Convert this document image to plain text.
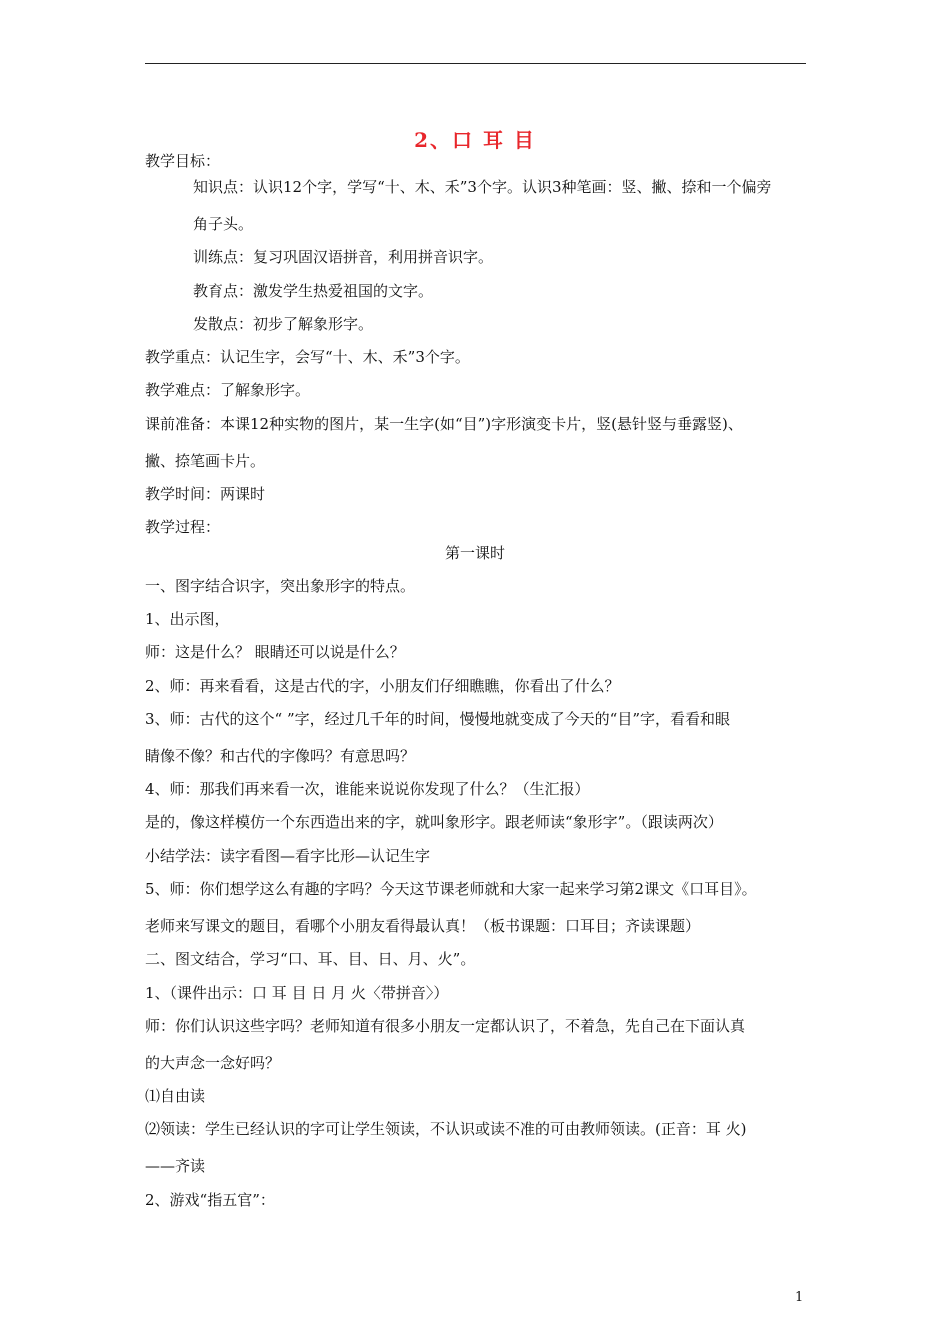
2、口 耳 目
教学目标：
知识点：认识12个字，学写“十、木、禾”3个字。认识3种笔画：竖、撇、捺和一个偏旁
角子头。
训练点：复习巩固汉语拼音，利用拼音识字。
教育点：激发学生热爱祖国的文字。
发散点：初步了解象形字。
教学重点：认记生字，会写“十、木、禾”3个字。
教学难点：了解象形字。
课前准备：本课12种实物的图片，某一生字(如“目”)字形演变卡片，竖(悬针竖与垂露竖)、
撇、捺笔画卡片。
教学时间：两课时
教学过程：
第一课时
一、图字结合识字，突出象形字的特点。
1、出示图，
师：这是什么？ 眼睛还可以说是什么？
2、师：再来看看，这是古代的字，小朋友们仔细瞧瞧，你看出了什么？
3、师：古代的这个“ ”字，经过几千年的时间，慢慢地就变成了今天的“目”字，看看和眼
睛像不像？和古代的字像吗？有意思吗？
4、师：那我们再来看一次，谁能来说说你发现了什么？（生汇报）
是的，像这样模仿一个东西造出来的字，就叫象形字。跟老师读“象形字”。（跟读两次）
小结学法：读字看图—看字比形—认记生字
5、师：你们想学这么有趣的字吗？今天这节课老师就和大家一起来学习第2课文《口耳目》。
老师来写课文的题目，看哪个小朋友看得最认真！（板书课题：口耳目；齐读课题）
二、图文结合，学习“口、耳、目、日、月、火”。
1、（课件出示：口 耳 目 日 月 火〈带拼音〉）
师：你们认识这些字吗？老师知道有很多小朋友一定都认识了，不着急，先自己在下面认真
的大声念一念好吗？
⑴自由读
⑵领读：学生已经认识的字可让学生领读，不认识或读不准的可由教师领读。(正音：耳 火)
——齐读
2、游戏“指五官”：
1
